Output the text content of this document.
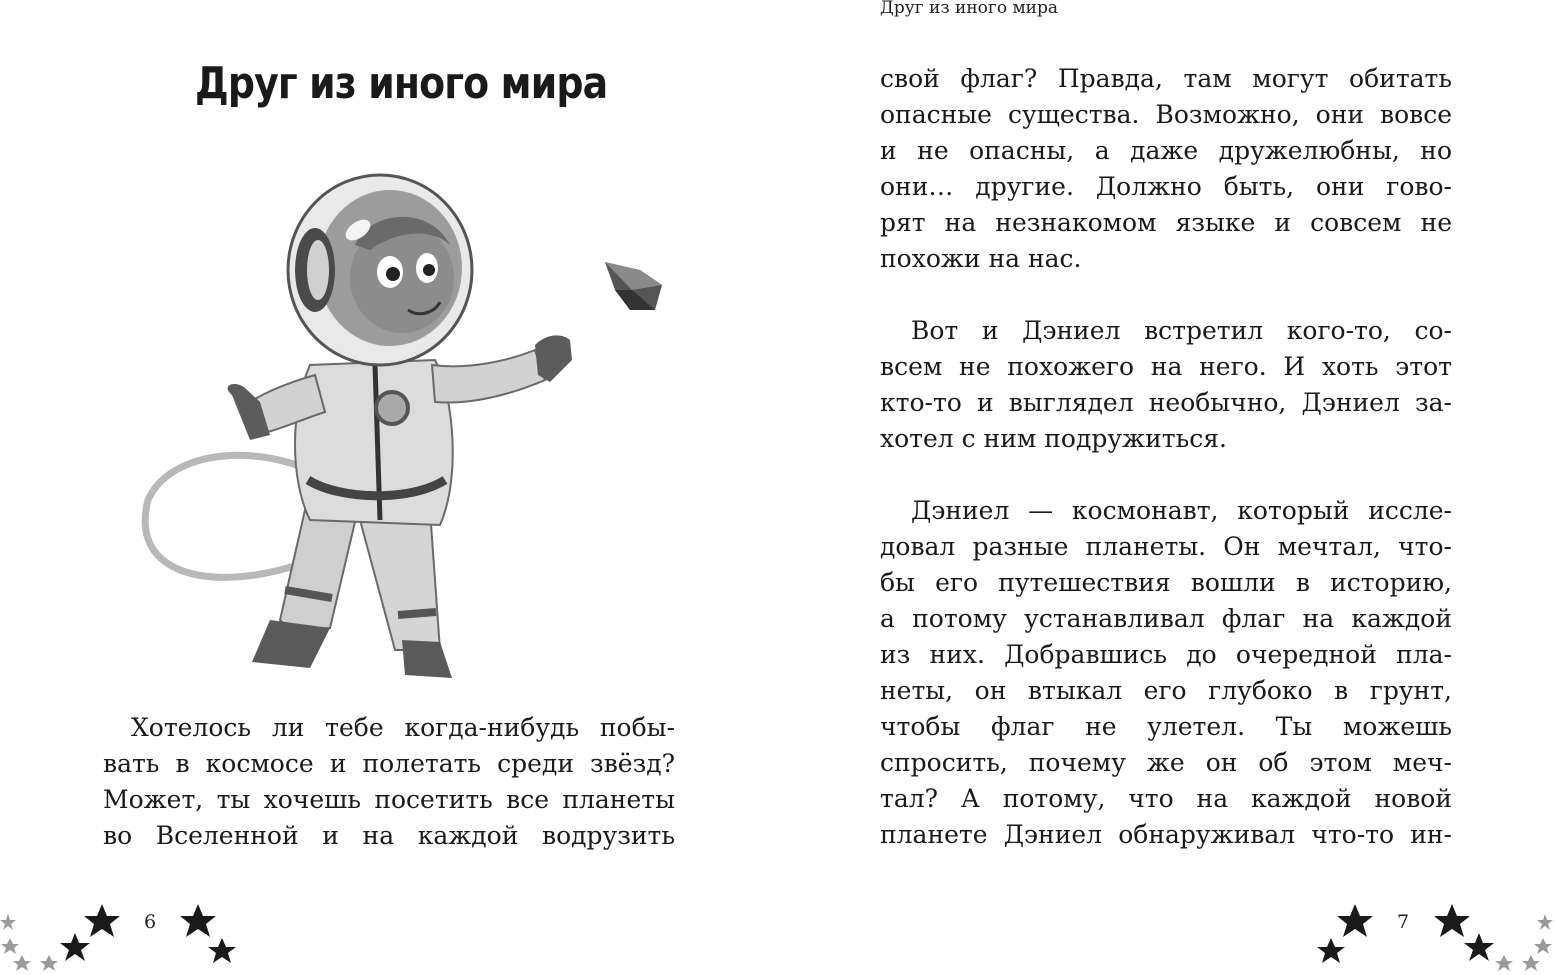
Друг из иного мира
Хотелось ли тебе когда-нибудь побы-
вать в космосе и полетать среди звёзд?
Может, ты хочешь посетить все планеты
во Вселенной и на каждой водрузить
6
Друг из иного мира
свой флаг? Правда, там могут обитать
опасные существа. Возможно, они вовсе
и не опасны, а даже дружелюбны, но
они… другие. Должно быть, они гово-
рят на незнакомом языке и совсем не
похожи на нас.
Вот и Дэниел встретил кого-то, со-
всем не похожего на него. И хоть этот
кто-то и выглядел необычно, Дэниел за-
хотел с ним подружиться.
Дэниел — космонавт, который иссле-
довал разные планеты. Он мечтал, что-
бы его путешествия вошли в историю,
а потому устанавливал флаг на каждой
из них. Добравшись до очередной пла-
неты, он втыкал его глубоко в грунт,
чтобы флаг не улетел. Ты можешь
спросить, почему же он об этом меч-
тал? А потому, что на каждой новой
планете Дэниел обнаруживал что-то ин-
7
